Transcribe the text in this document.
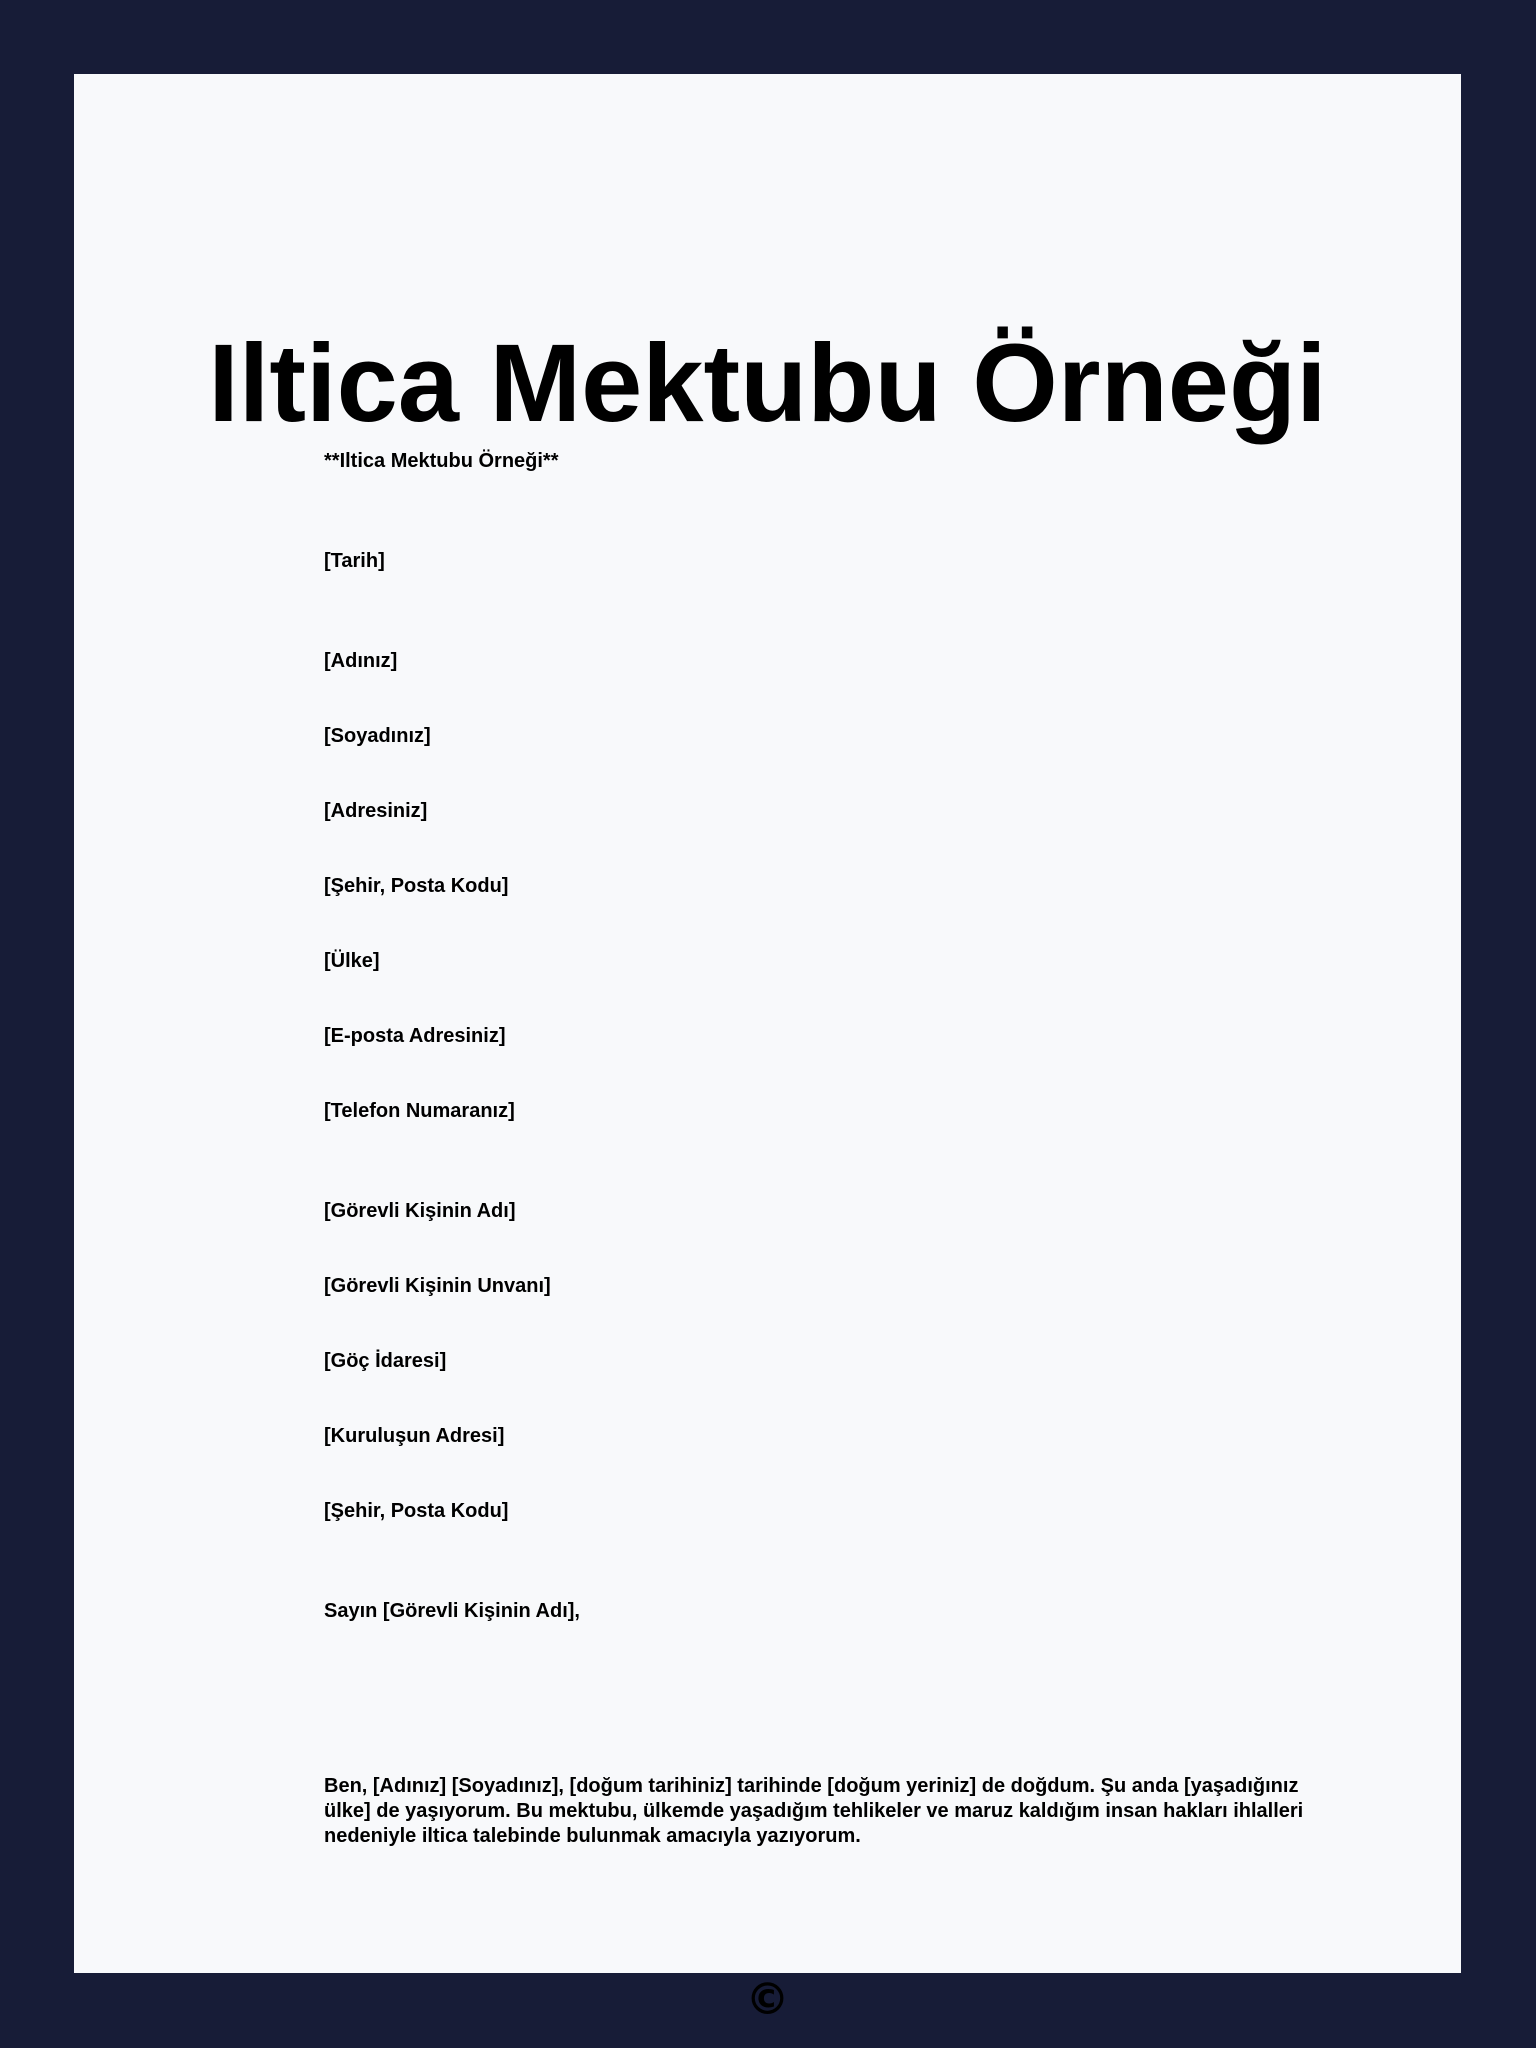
Iltica Mektubu Örneği

**Iltica Mektubu Örneği**

[Tarih]

[Adınız]

[Soyadınız]

[Adresiniz]

[Şehir, Posta Kodu]

[Ülke]

[E-posta Adresiniz]

[Telefon Numaranız]

[Görevli Kişinin Adı]

[Görevli Kişinin Unvanı]

[Göç İdaresi]

[Kuruluşun Adresi]

[Şehir, Posta Kodu]

Sayın [Görevli Kişinin Adı],

Ben, [Adınız] [Soyadınız], [doğum tarihiniz] tarihinde [doğum yeriniz] de doğdum. Şu anda [yaşadığınız ülke] de yaşıyorum. Bu mektubu, ülkemde yaşadığım tehlikeler ve maruz kaldığım insan hakları ihlalleri nedeniyle iltica talebinde bulunmak amacıyla yazıyorum.

©
